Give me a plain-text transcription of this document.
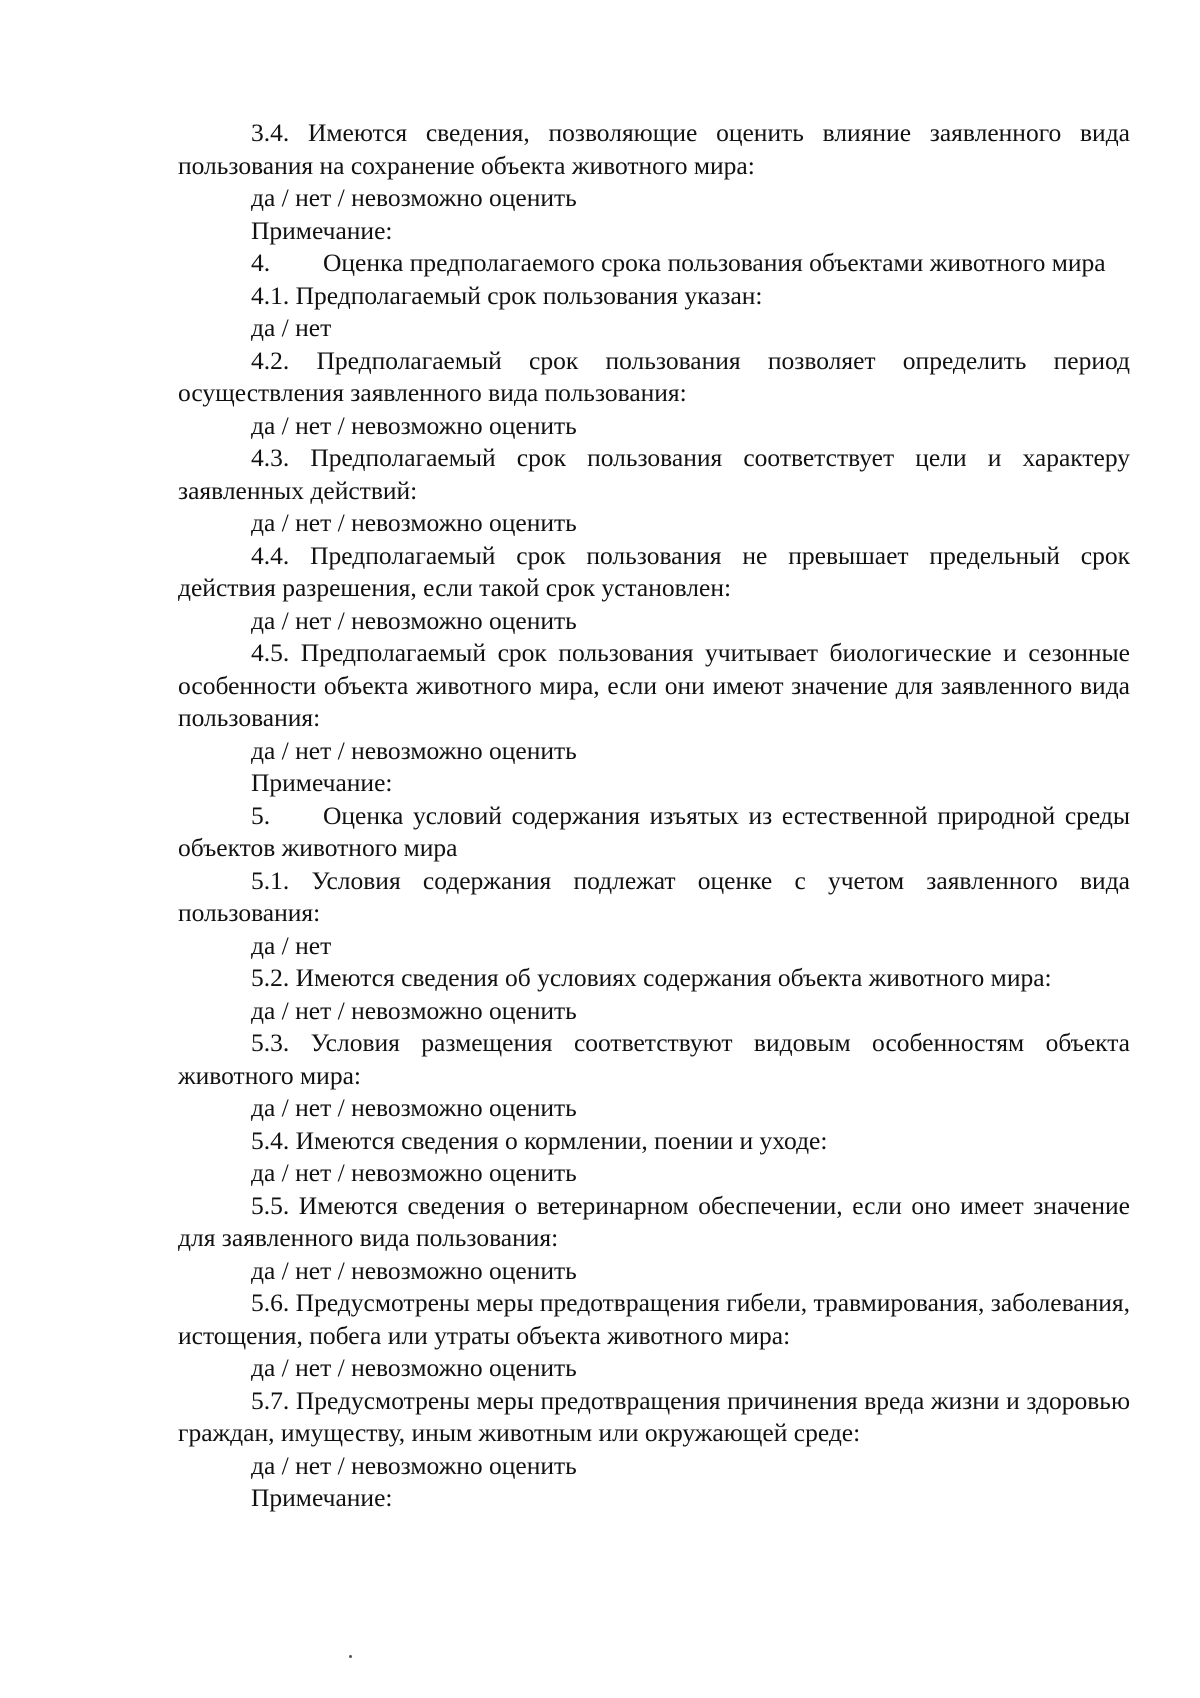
3.4. Имеются сведения, позволяющие оценить влияние заявленного вида пользования на сохранение объекта животного мира:

да / нет / невозможно оценить

Примечание:

4. Оценка предполагаемого срока пользования объектами животного мира

4.1. Предполагаемый срок пользования указан:

да / нет

4.2. Предполагаемый срок пользования позволяет определить период осуществления заявленного вида пользования:

да / нет / невозможно оценить

4.3. Предполагаемый срок пользования соответствует цели и характеру заявленных действий:

да / нет / невозможно оценить

4.4. Предполагаемый срок пользования не превышает предельный срок действия разрешения, если такой срок установлен:

да / нет / невозможно оценить

4.5. Предполагаемый срок пользования учитывает биологические и сезонные особенности объекта животного мира, если они имеют значение для заявленного вида пользования:

да / нет / невозможно оценить

Примечание:

5. Оценка условий содержания изъятых из естественной природной среды объектов животного мира

5.1. Условия содержания подлежат оценке с учетом заявленного вида пользования:

да / нет

5.2. Имеются сведения об условиях содержания объекта животного мира:

да / нет / невозможно оценить

5.3. Условия размещения соответствуют видовым особенностям объекта животного мира:

да / нет / невозможно оценить

5.4. Имеются сведения о кормлении, поении и уходе:

да / нет / невозможно оценить

5.5. Имеются сведения о ветеринарном обеспечении, если оно имеет значение для заявленного вида пользования:

да / нет / невозможно оценить

5.6. Предусмотрены меры предотвращения гибели, травмирования, заболевания, истощения, побега или утраты объекта животного мира:

да / нет / невозможно оценить

5.7. Предусмотрены меры предотвращения причинения вреда жизни и здоровью граждан, имуществу, иным животным или окружающей среде:

да / нет / невозможно оценить

Примечание:
